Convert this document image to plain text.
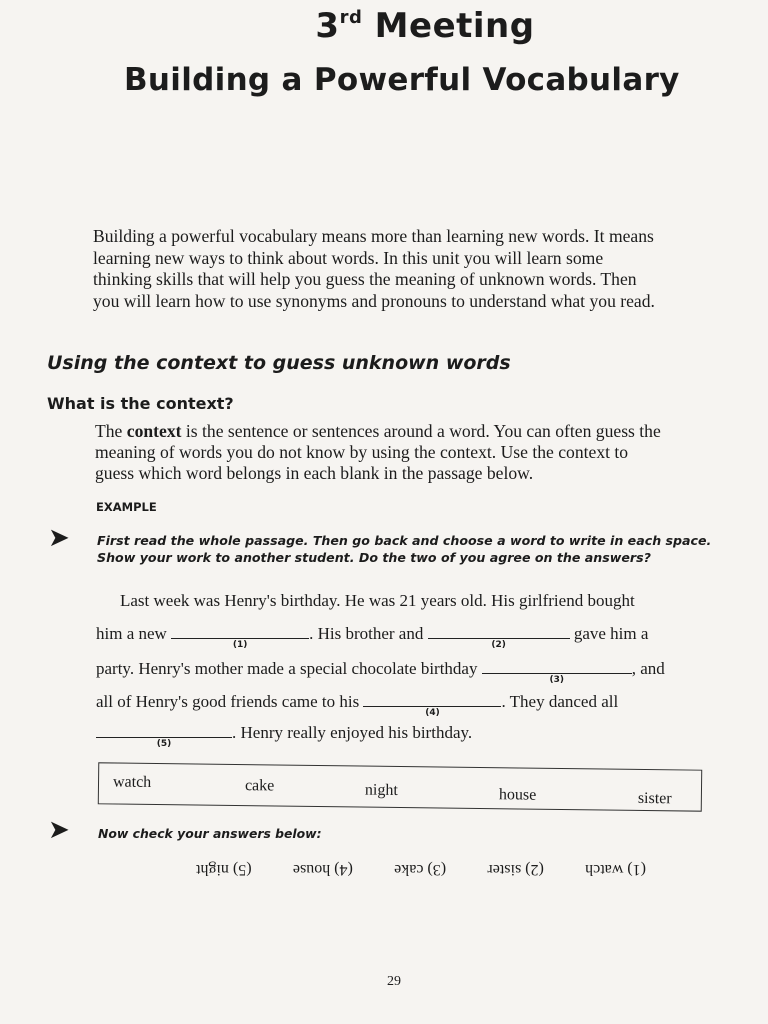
3rd Meeting
Building a Powerful Vocabulary
Building a powerful vocabulary means more than learning new words. It means
learning new ways to think about words. In this unit you will learn some
thinking skills that will help you guess the meaning of unknown words. Then
you will learn how to use synonyms and pronouns to understand what you read.
Using the context to guess unknown words
What is the context?
The context is the sentence or sentences around a word. You can often guess the
meaning of words you do not know by using the context. Use the context to
guess which word belongs in each blank in the passage below.
EXAMPLE
➤ First read the whole passage. Then go back and choose a word to write in each space.
Show your work to another student. Do the two of you agree on the answers?
Last week was Henry's birthday. He was 21 years old. His girlfriend bought
him a new
(1)
. His brother and
(2)
gave him a
party. Henry's mother made a special chocolate birthday
(3)
, and
all of Henry's good friends came to his
(4)
. They danced all
(5)
. Henry really enjoyed his birthday.
watch	cake	night	house	sister
➤ Now check your answers below:
(1) watch
(2) sister
(3) cake
(4) house
(5) night
29
